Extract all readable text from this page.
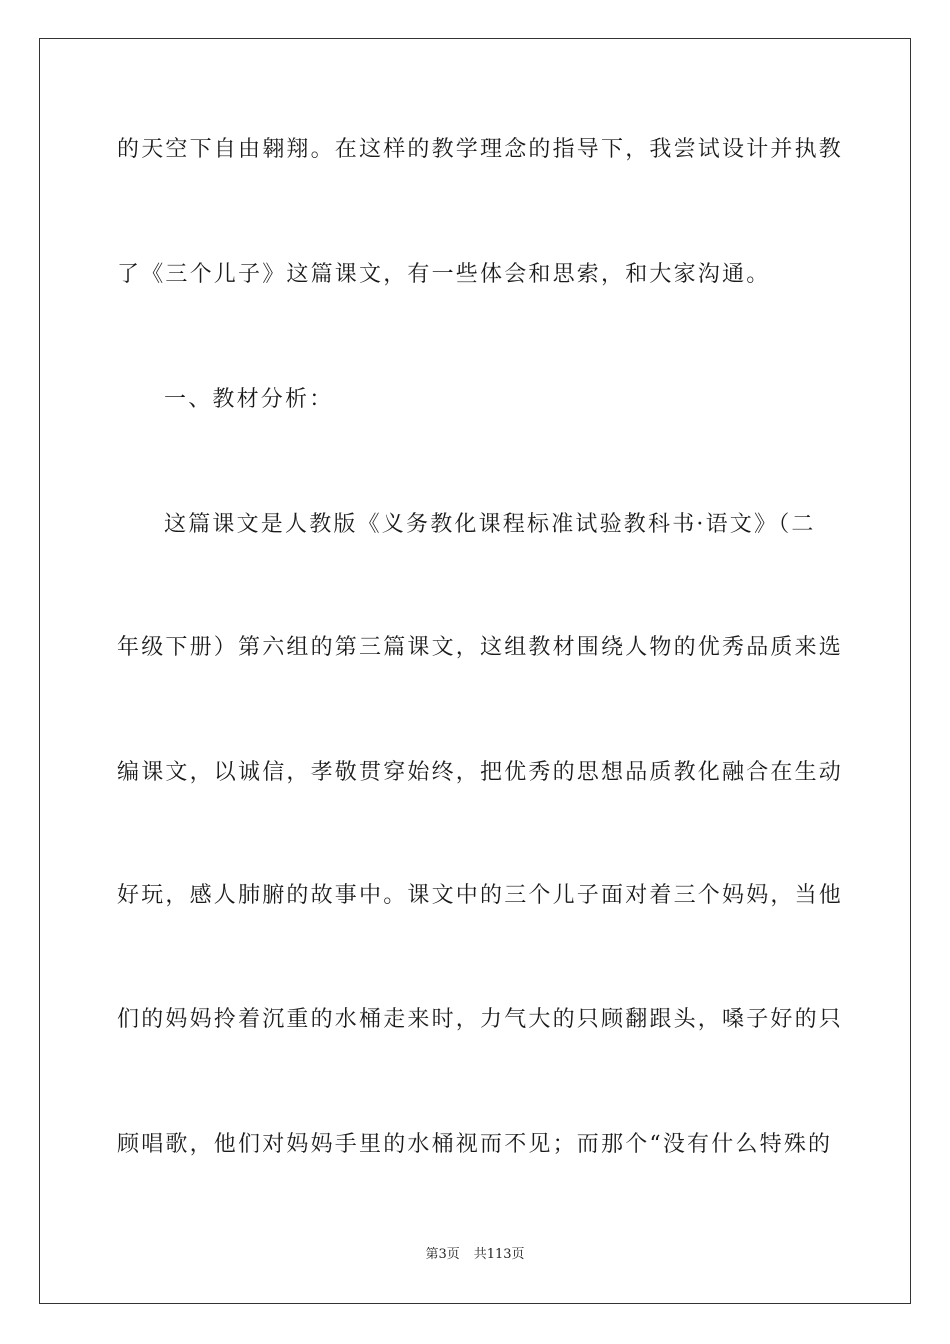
的天空下自由翱翔。在这样的教学理念的指导下，我尝试设计并执教
了《三个儿子》这篇课文，有一些体会和思索，和大家沟通。
一、教材分析：
这篇课文是人教版《义务教化课程标准试验教科书·语文》（二
年级下册）第六组的第三篇课文，这组教材围绕人物的优秀品质来选
编课文，以诚信，孝敬贯穿始终，把优秀的思想品质教化融合在生动
好玩，感人肺腑的故事中。课文中的三个儿子面对着三个妈妈，当他
们的妈妈拎着沉重的水桶走来时，力气大的只顾翻跟头，嗓子好的只
顾唱歌，他们对妈妈手里的水桶视而不见；而那个“没有什么特殊的
第3页 共113页
